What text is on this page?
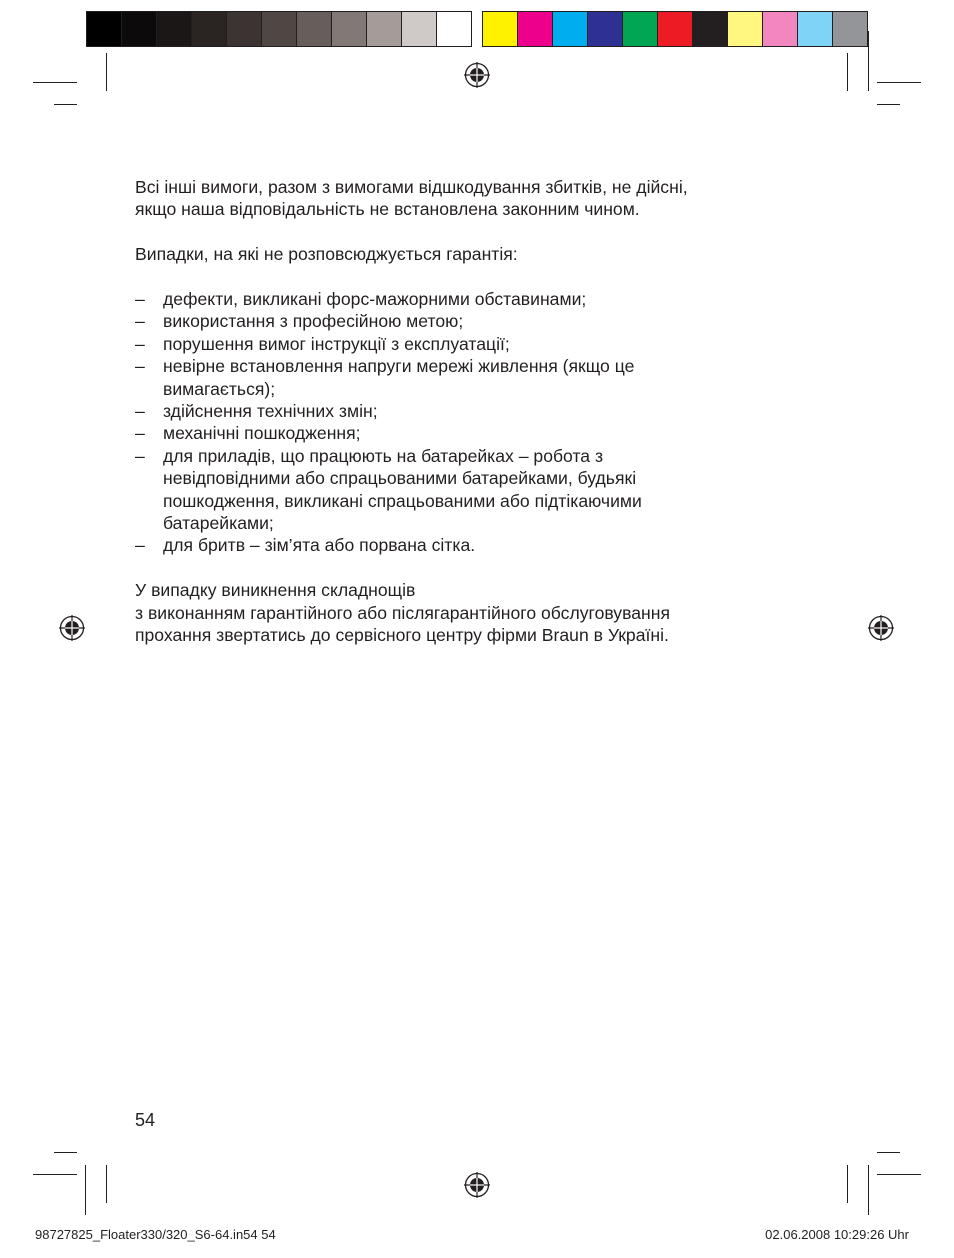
Всі інші вимоги, разом з вимогами відшкодування збитків, не дійсні,
якщо наша відповідальність не встановлена законним чином.

Випадки, на які не розповсюджується гарантія:

– дефекти, викликані форс-мажорними обставинами;
– використання з професійною метою;
– порушення вимог інструкції з експлуатації;
– невірне встановлення напруги мережі живлення (якщо це
вимагається);
– здійснення технічних змін;
– механічні пошкодження;
– для приладів, що працюють на батарейках – робота з
невідповідними або спрацьованими батарейками, будьякі
пошкодження, викликані спрацьованими або підтікаючими
батарейками;
– для бритв – зім’ята або порвана сітка.

У випадку виникнення складнощів
з виконанням гарантійного або післягарантійного обслуговування
прохання звертатись до сервісного центру фірми Braun в Україні.

54
98727825_Floater330/320_S6-64.in54 54	02.06.2008 10:29:26 Uhr
